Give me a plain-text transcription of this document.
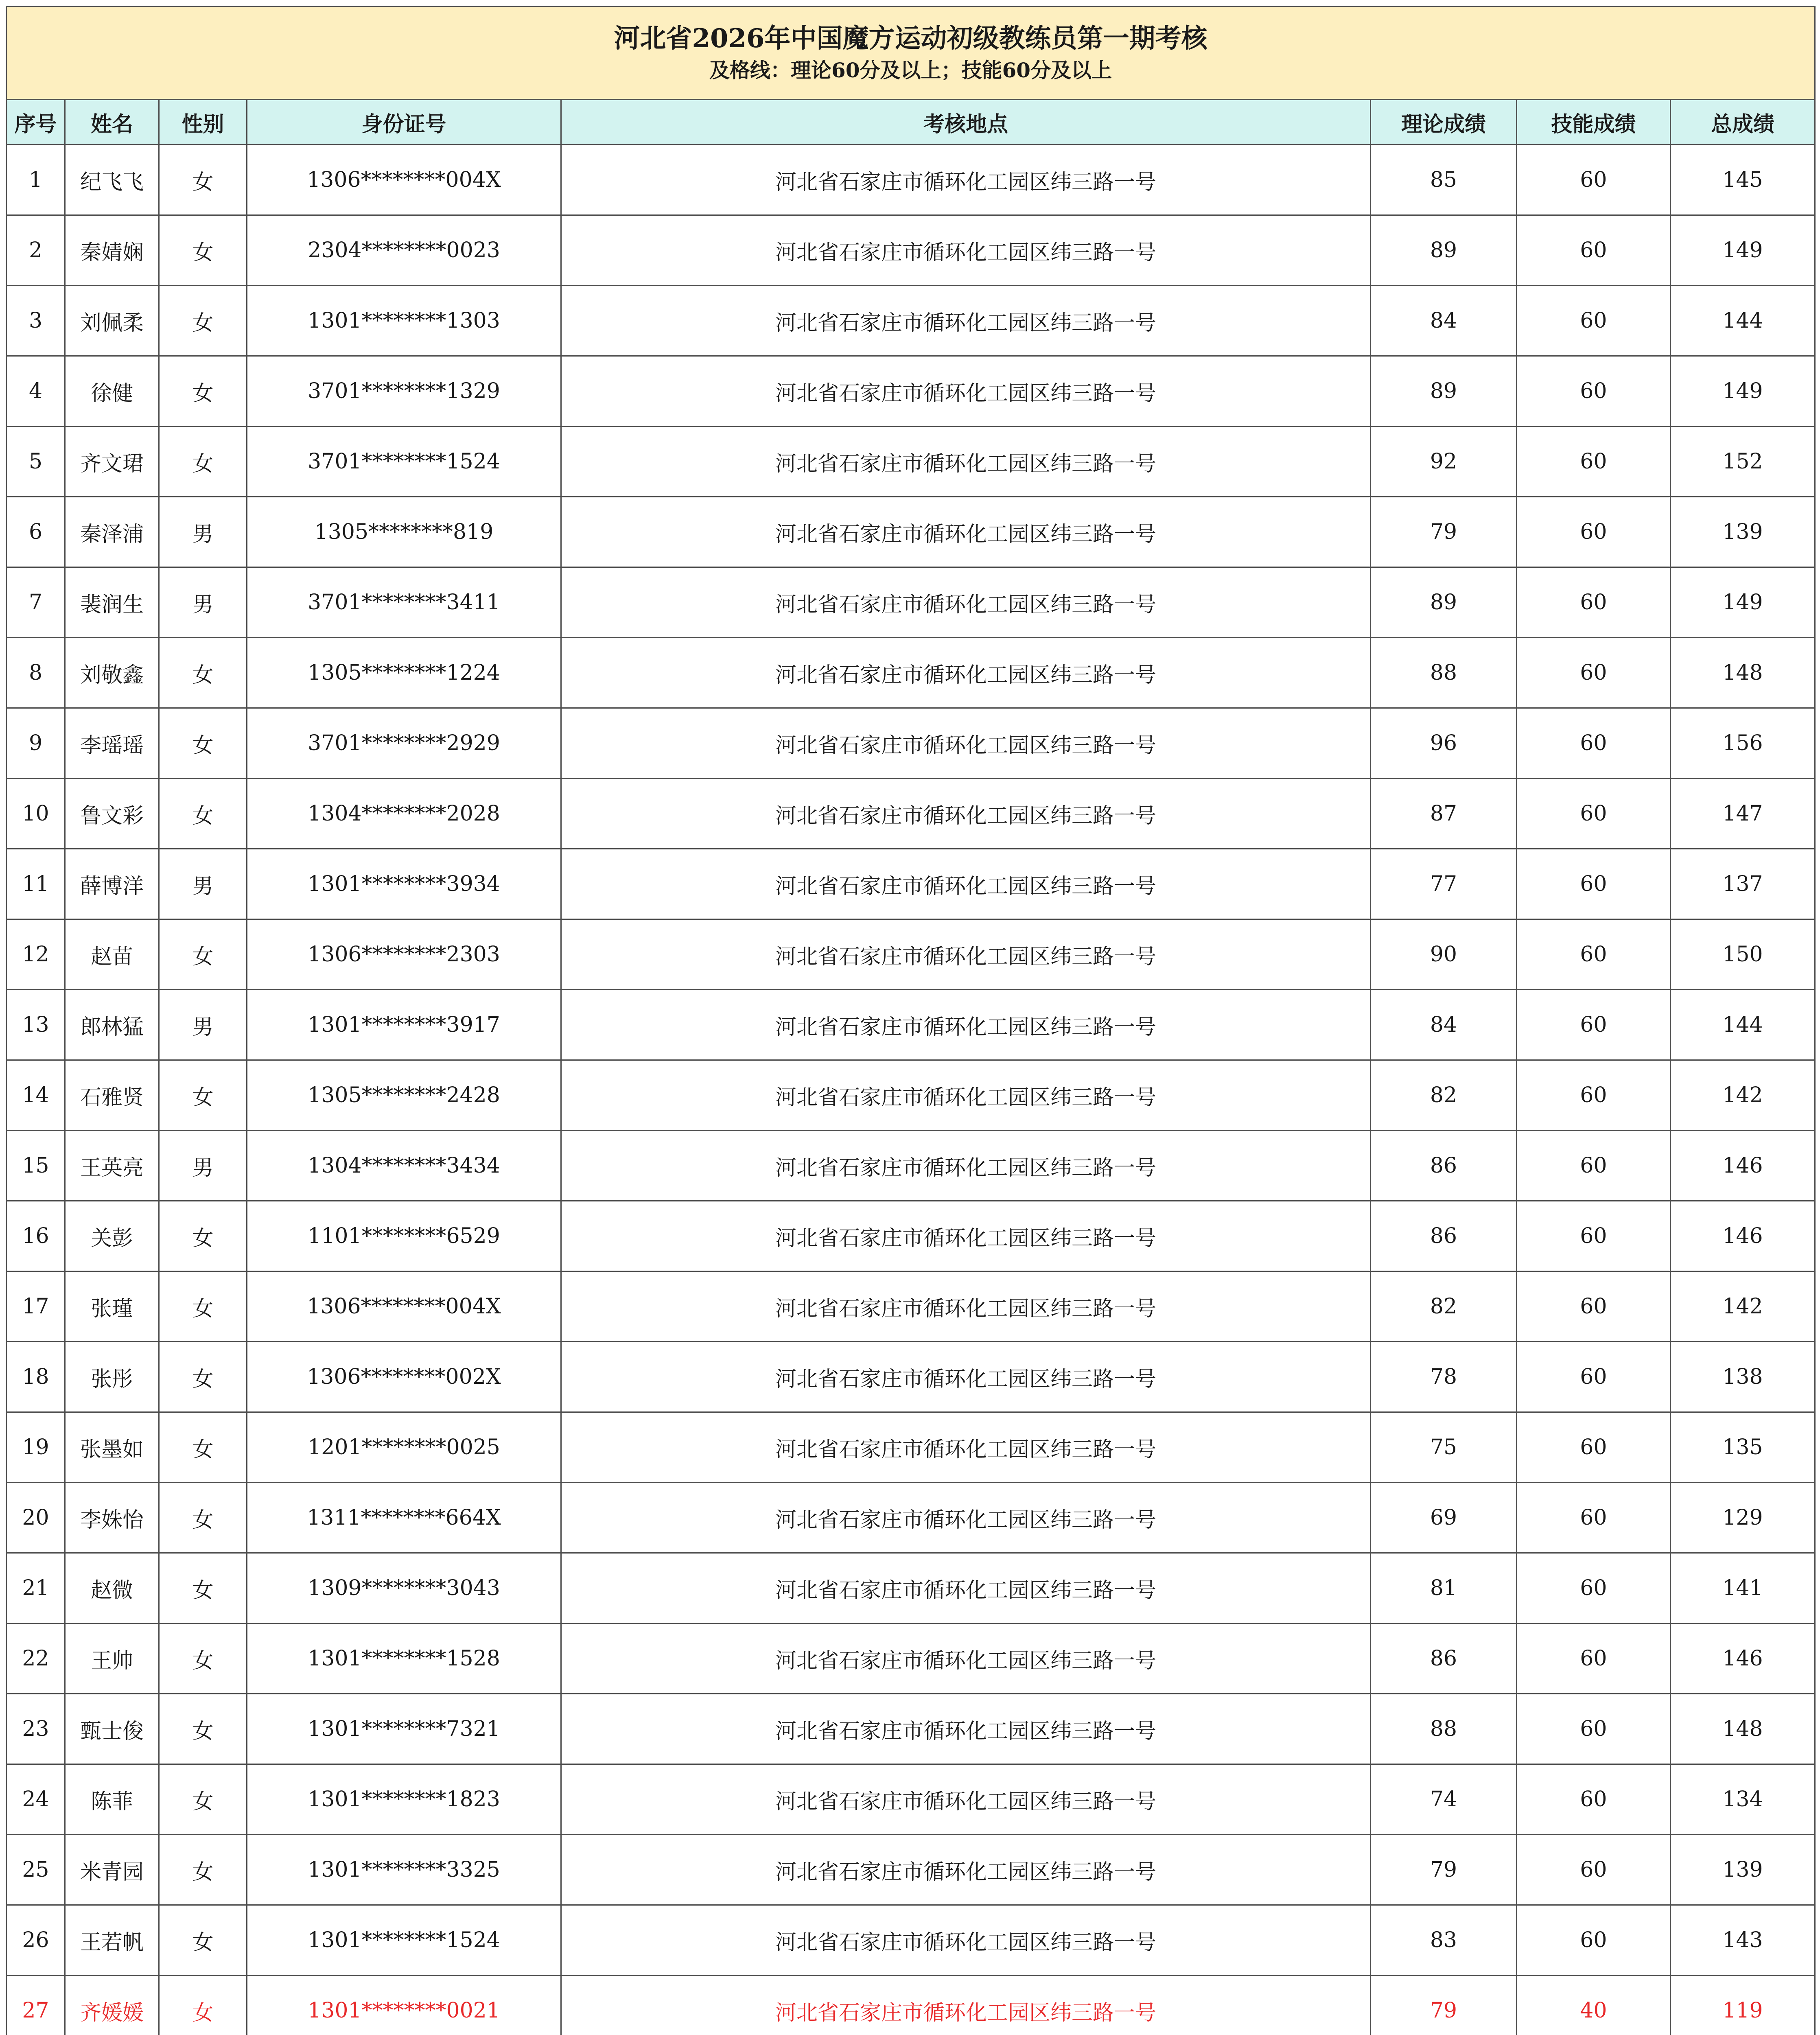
河北省2026年中国魔方运动初级教练员第一期考核
及格线：理论60分及以上；技能60分及以上							

序号	姓名	性别	身份证号	考核地点	理论成绩	技能成绩	总成绩
1	纪飞飞	女	1306********004X	河北省石家庄市循环化工园区纬三路一号	85	60	145
2	秦婧娴	女	2304********0023	河北省石家庄市循环化工园区纬三路一号	89	60	149
3	刘佩柔	女	1301********1303	河北省石家庄市循环化工园区纬三路一号	84	60	144
4	徐健	女	3701********1329	河北省石家庄市循环化工园区纬三路一号	89	60	149
5	齐文珺	女	3701********1524	河北省石家庄市循环化工园区纬三路一号	92	60	152
6	秦泽浦	男	1305********819	河北省石家庄市循环化工园区纬三路一号	79	60	139
7	裴润生	男	3701********3411	河北省石家庄市循环化工园区纬三路一号	89	60	149
8	刘敬鑫	女	1305********1224	河北省石家庄市循环化工园区纬三路一号	88	60	148
9	李瑶瑶	女	3701********2929	河北省石家庄市循环化工园区纬三路一号	96	60	156
10	鲁文彩	女	1304********2028	河北省石家庄市循环化工园区纬三路一号	87	60	147
11	薛博洋	男	1301********3934	河北省石家庄市循环化工园区纬三路一号	77	60	137
12	赵苗	女	1306********2303	河北省石家庄市循环化工园区纬三路一号	90	60	150
13	郎林猛	男	1301********3917	河北省石家庄市循环化工园区纬三路一号	84	60	144
14	石雅贤	女	1305********2428	河北省石家庄市循环化工园区纬三路一号	82	60	142
15	王英亮	男	1304********3434	河北省石家庄市循环化工园区纬三路一号	86	60	146
16	关彭	女	1101********6529	河北省石家庄市循环化工园区纬三路一号	86	60	146
17	张瑾	女	1306********004X	河北省石家庄市循环化工园区纬三路一号	82	60	142
18	张彤	女	1306********002X	河北省石家庄市循环化工园区纬三路一号	78	60	138
19	张墨如	女	1201********0025	河北省石家庄市循环化工园区纬三路一号	75	60	135
20	李姝怡	女	1311********664X	河北省石家庄市循环化工园区纬三路一号	69	60	129
21	赵微	女	1309********3043	河北省石家庄市循环化工园区纬三路一号	81	60	141
22	王帅	女	1301********1528	河北省石家庄市循环化工园区纬三路一号	86	60	146
23	甄士俊	女	1301********7321	河北省石家庄市循环化工园区纬三路一号	88	60	148
24	陈菲	女	1301********1823	河北省石家庄市循环化工园区纬三路一号	74	60	134
25	米青园	女	1301********3325	河北省石家庄市循环化工园区纬三路一号	79	60	139
26	王若帆	女	1301********1524	河北省石家庄市循环化工园区纬三路一号	83	60	143
27	齐媛媛	女	1301********0021	河北省石家庄市循环化工园区纬三路一号	79	40	119
